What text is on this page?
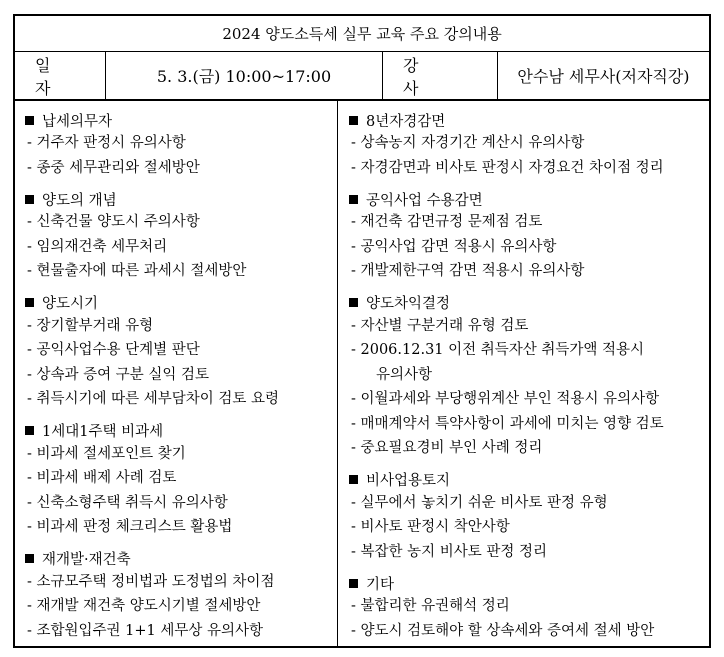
2024 양도소득세 실무 교육 주요 강의내용
일 자
5. 3.(금) 10:00~17:00
강 사
안수남 세무사(저자직강)
납세의무자
- 거주자 판정시 유의사항
- 종중 세무관리와 절세방안
양도의 개념
- 신축건물 양도시 주의사항
- 임의재건축 세무처리
- 현물출자에 따른 과세시 절세방안
양도시기
- 장기할부거래 유형
- 공익사업수용 단계별 판단
- 상속과 증여 구분 실익 검토
- 취득시기에 따른 세부담차이 검토 요령
1세대1주택 비과세
- 비과세 절세포인트 찾기
- 비과세 배제 사례 검토
- 신축소형주택 취득시 유의사항
- 비과세 판정 체크리스트 활용법
재개발·재건축
- 소규모주택 정비법과 도정법의 차이점
- 재개발 재건축 양도시기별 절세방안
- 조합원입주권 1+1 세무상 유의사항
8년자경감면
- 상속농지 자경기간 계산시 유의사항
- 자경감면과 비사토 판정시 자경요건 차이점 정리
공익사업 수용감면
- 재건축 감면규정 문제점 검토
- 공익사업 감면 적용시 유의사항
- 개발제한구역 감면 적용시 유의사항
양도차익결정
- 자산별 구분거래 유형 검토
- 2006.12.31 이전 취득자산 취득가액 적용시
유의사항
- 이월과세와 부당행위계산 부인 적용시 유의사항
- 매매계약서 특약사항이 과세에 미치는 영향 검토
- 중요필요경비 부인 사례 정리
비사업용토지
- 실무에서 놓치기 쉬운 비사토 판정 유형
- 비사토 판정시 착안사항
- 복잡한 농지 비사토 판정 정리
기타
- 불합리한 유권해석 정리
- 양도시 검토해야 할 상속세와 증여세 절세 방안
